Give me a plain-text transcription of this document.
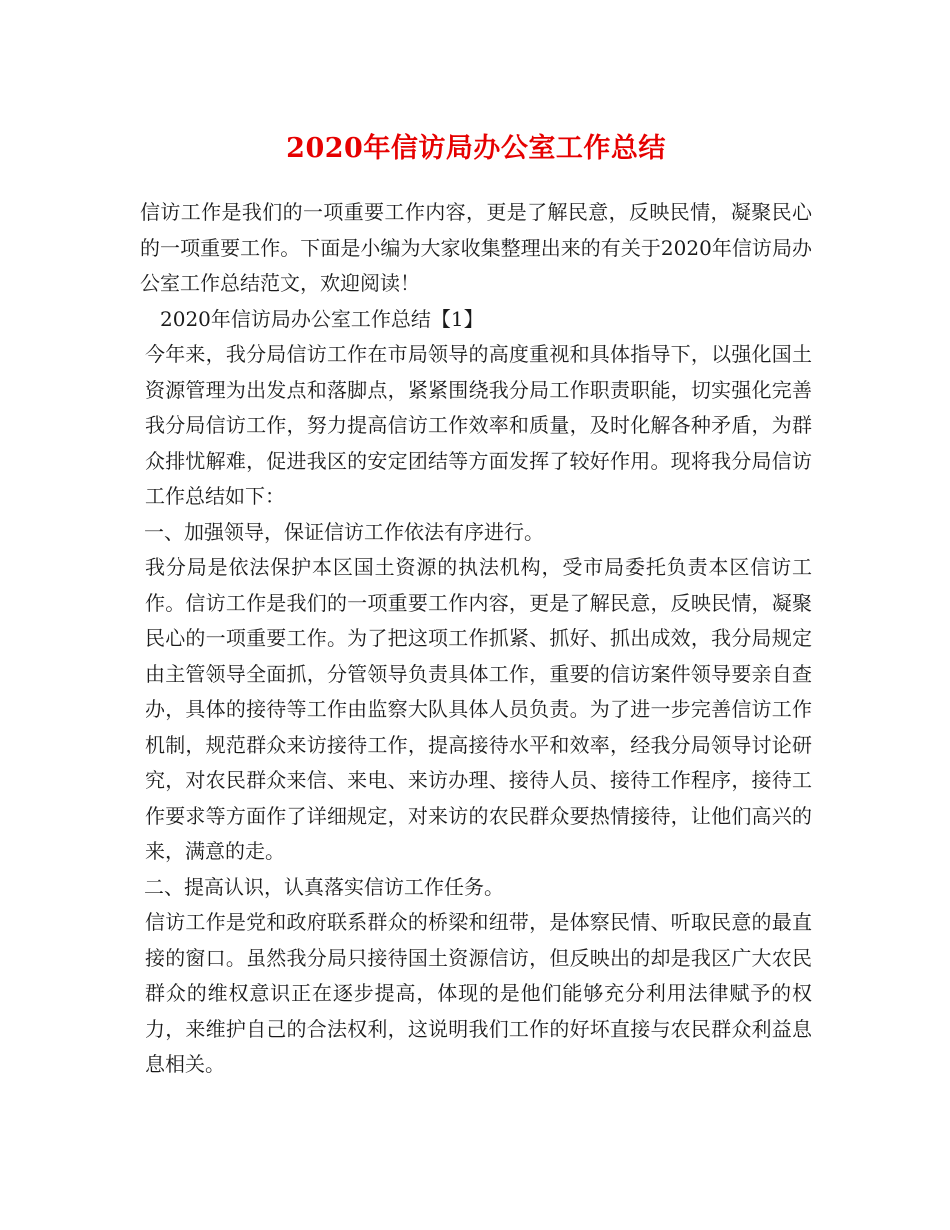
2020年信访局办公室工作总结

信访工作是我们的一项重要工作内容，更是了解民意，反映民情，凝聚民心的一项重要工作。下面是小编为大家收集整理出来的有关于2020年信访局办公室工作总结范文，欢迎阅读！

2020年信访局办公室工作总结【1】

今年来，我分局信访工作在市局领导的高度重视和具体指导下，以强化国土资源管理为出发点和落脚点，紧紧围绕我分局工作职责职能，切实强化完善我分局信访工作，努力提高信访工作效率和质量，及时化解各种矛盾，为群众排忧解难，促进我区的安定团结等方面发挥了较好作用。现将我分局信访工作总结如下：

一、加强领导，保证信访工作依法有序进行。

我分局是依法保护本区国土资源的执法机构，受市局委托负责本区信访工作。信访工作是我们的一项重要工作内容，更是了解民意，反映民情，凝聚民心的一项重要工作。为了把这项工作抓紧、抓好、抓出成效，我分局规定由主管领导全面抓，分管领导负责具体工作，重要的信访案件领导要亲自查办，具体的接待等工作由监察大队具体人员负责。为了进一步完善信访工作机制，规范群众来访接待工作，提高接待水平和效率，经我分局领导讨论研究，对农民群众来信、来电、来访办理、接待人员、接待工作程序，接待工作要求等方面作了详细规定，对来访的农民群众要热情接待，让他们高兴的来，满意的走。

二、提高认识，认真落实信访工作任务。

信访工作是党和政府联系群众的桥梁和纽带，是体察民情、听取民意的最直接的窗口。虽然我分局只接待国土资源信访，但反映出的却是我区广大农民群众的维权意识正在逐步提高，体现的是他们能够充分利用法律赋予的权力，来维护自己的合法权利，这说明我们工作的好坏直接与农民群众利益息息相关。
